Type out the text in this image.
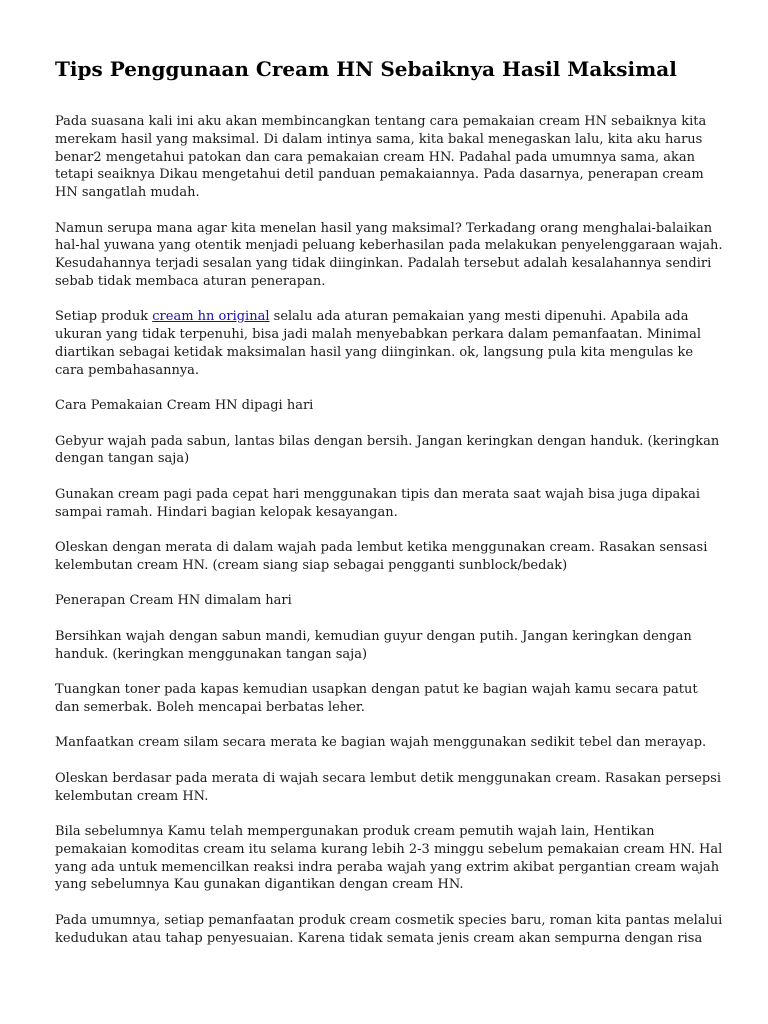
Tips Penggunaan Cream HN Sebaiknya Hasil Maksimal

Pada suasana kali ini aku akan membincangkan tentang cara pemakaian cream HN sebaiknya kita
merekam hasil yang maksimal. Di dalam intinya sama, kita bakal menegaskan lalu, kita aku harus
benar2 mengetahui patokan dan cara pemakaian cream HN. Padahal pada umumnya sama, akan
tetapi seaiknya Dikau mengetahui detil panduan pemakaiannya. Pada dasarnya, penerapan cream
HN sangatlah mudah.

Namun serupa mana agar kita menelan hasil yang maksimal? Terkadang orang menghalai-balaikan
hal-hal yuwana yang otentik menjadi peluang keberhasilan pada melakukan penyelenggaraan wajah.
Kesudahannya terjadi sesalan yang tidak diinginkan. Padalah tersebut adalah kesalahannya sendiri
sebab tidak membaca aturan penerapan.

Setiap produk cream hn original selalu ada aturan pemakaian yang mesti dipenuhi. Apabila ada
ukuran yang tidak terpenuhi, bisa jadi malah menyebabkan perkara dalam pemanfaatan. Minimal
diartikan sebagai ketidak maksimalan hasil yang diinginkan. ok, langsung pula kita mengulas ke
cara pembahasannya.

Cara Pemakaian Cream HN dipagi hari

Gebyur wajah pada sabun, lantas bilas dengan bersih. Jangan keringkan dengan handuk. (keringkan
dengan tangan saja)

Gunakan cream pagi pada cepat hari menggunakan tipis dan merata saat wajah bisa juga dipakai
sampai ramah. Hindari bagian kelopak kesayangan.

Oleskan dengan merata di dalam wajah pada lembut ketika menggunakan cream. Rasakan sensasi
kelembutan cream HN. (cream siang siap sebagai pengganti sunblock/bedak)

Penerapan Cream HN dimalam hari

Bersihkan wajah dengan sabun mandi, kemudian guyur dengan putih. Jangan keringkan dengan
handuk. (keringkan menggunakan tangan saja)

Tuangkan toner pada kapas kemudian usapkan dengan patut ke bagian wajah kamu secara patut
dan semerbak. Boleh mencapai berbatas leher.

Manfaatkan cream silam secara merata ke bagian wajah menggunakan sedikit tebel dan merayap.

Oleskan berdasar pada merata di wajah secara lembut detik menggunakan cream. Rasakan persepsi
kelembutan cream HN.

Bila sebelumnya Kamu telah mempergunakan produk cream pemutih wajah lain, Hentikan
pemakaian komoditas cream itu selama kurang lebih 2-3 minggu sebelum pemakaian cream HN. Hal
yang ada untuk memencilkan reaksi indra peraba wajah yang extrim akibat pergantian cream wajah
yang sebelumnya Kau gunakan digantikan dengan cream HN.

Pada umumnya, setiap pemanfaatan produk cream cosmetik species baru, roman kita pantas melalui
kedudukan atau tahap penyesuaian. Karena tidak semata jenis cream akan sempurna dengan risa
